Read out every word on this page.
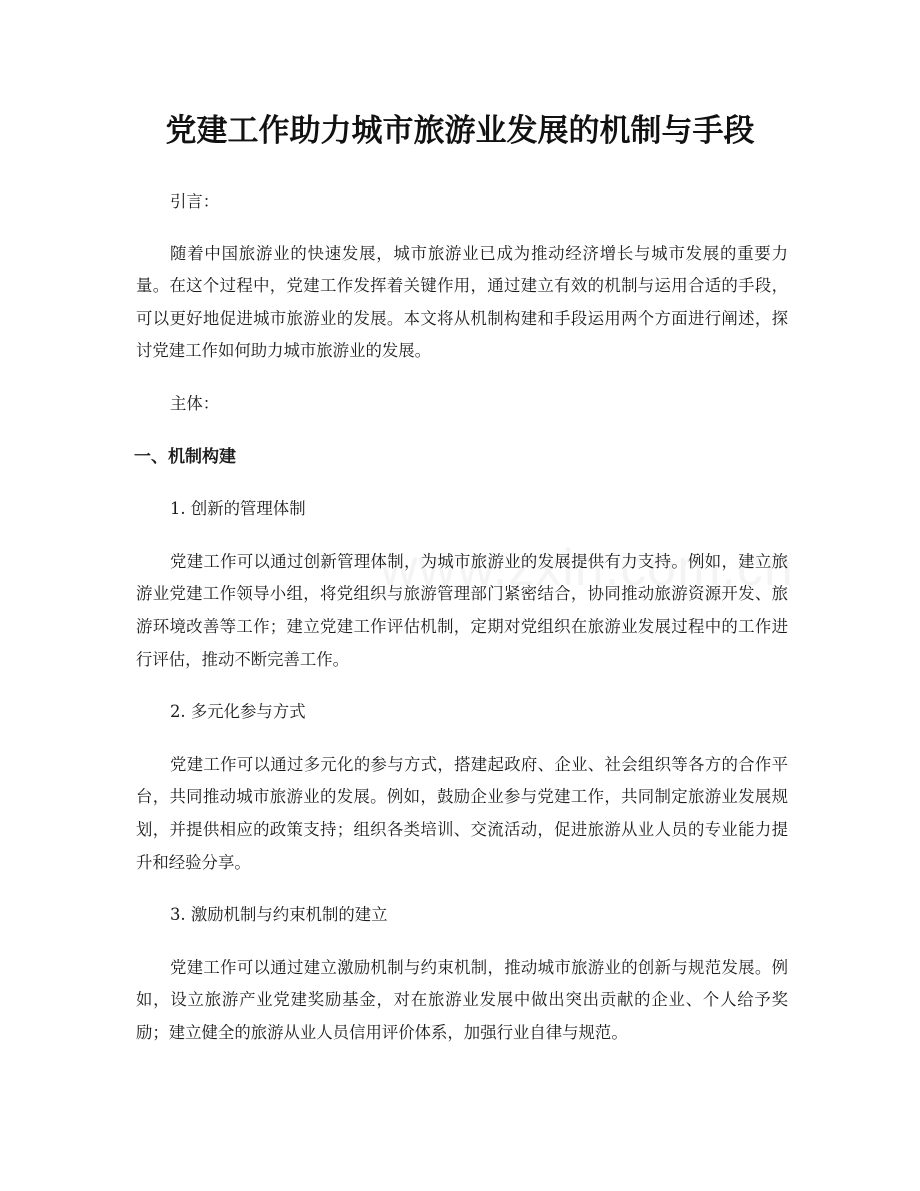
党建工作助力城市旅游业发展的机制与手段

引言：

随着中国旅游业的快速发展，城市旅游业已成为推动经济增长与城市发展的重要力量。在这个过程中，党建工作发挥着关键作用，通过建立有效的机制与运用合适的手段，可以更好地促进城市旅游业的发展。本文将从机制构建和手段运用两个方面进行阐述，探讨党建工作如何助力城市旅游业的发展。

主体：

一、机制构建

1. 创新的管理体制

党建工作可以通过创新管理体制，为城市旅游业的发展提供有力支持。例如，建立旅游业党建工作领导小组，将党组织与旅游管理部门紧密结合，协同推动旅游资源开发、旅游环境改善等工作；建立党建工作评估机制，定期对党组织在旅游业发展过程中的工作进行评估，推动不断完善工作。

2. 多元化参与方式

党建工作可以通过多元化的参与方式，搭建起政府、企业、社会组织等各方的合作平台，共同推动城市旅游业的发展。例如，鼓励企业参与党建工作，共同制定旅游业发展规划，并提供相应的政策支持；组织各类培训、交流活动，促进旅游从业人员的专业能力提升和经验分享。

3. 激励机制与约束机制的建立

党建工作可以通过建立激励机制与约束机制，推动城市旅游业的创新与规范发展。例如，设立旅游产业党建奖励基金，对在旅游业发展中做出突出贡献的企业、个人给予奖励；建立健全的旅游从业人员信用评价体系，加强行业自律与规范。
